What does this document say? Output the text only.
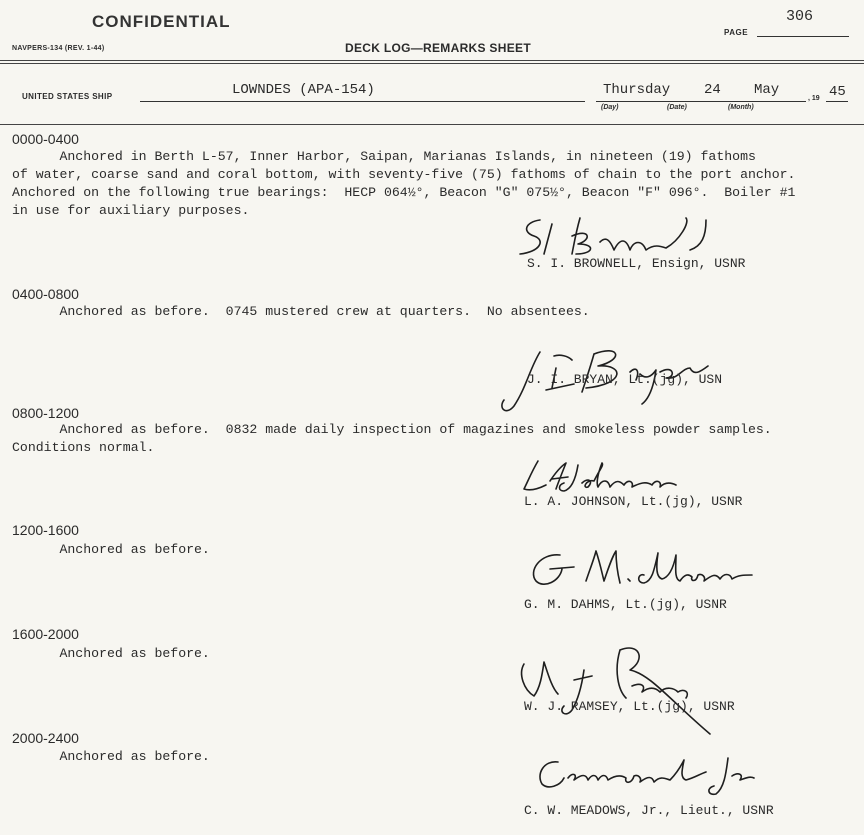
CONFIDENTIAL
PAGE
306
NAVPERS-134 (REV. 1-44)	DECK LOG—REMARKS SHEET
UNITED STATES SHIP	LOWNDES (APA-154)	Thursday 24 May
, 19 45
(Day)	(Date)	(Month)
0000-0400
Anchored in Berth L-57, Inner Harbor, Saipan, Marianas Islands, in nineteen (19) fathoms
of water, coarse sand and coral bottom, with seventy-five (75) fathoms of chain to the port anchor.
Anchored on the following true bearings:  HECP 064½°, Beacon "G" 075½°, Beacon "F" 096°.  Boiler #1
in use for auxiliary purposes.
S. I. BROWNELL, Ensign, USNR
0400-0800
Anchored as before.  0745 mustered crew at quarters.  No absentees.
J. I. BRYAN, Lt.(jg), USN
0800-1200
Anchored as before.  0832 made daily inspection of magazines and smokeless powder samples.
Conditions normal.
L. A. JOHNSON, Lt.(jg), USNR
1200-1600
Anchored as before.
G. M. DAHMS, Lt.(jg), USNR
1600-2000
Anchored as before.
W. J. RAMSEY, Lt.(jg), USNR
2000-2400
Anchored as before.
C. W. MEADOWS, Jr., Lieut., USNR
